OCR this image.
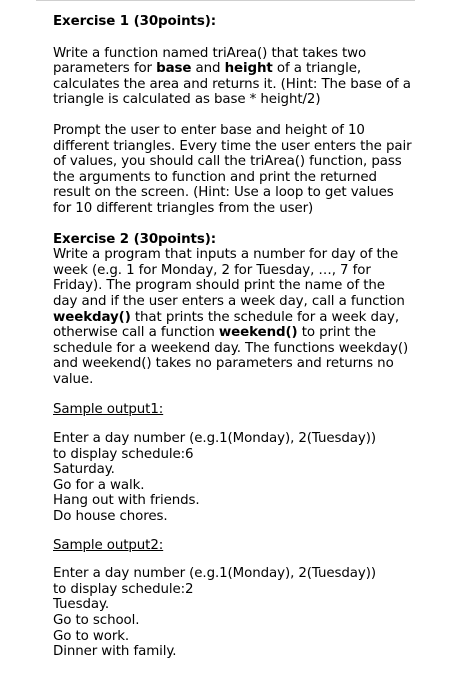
Exercise 1 (30points):

Write a function named triArea() that takes two parameters for base and height of a triangle, calculates the area and returns it. (Hint: The base of a triangle is calculated as base * height/2)

Prompt the user to enter base and height of 10 different triangles. Every time the user enters the pair of values, you should call the triArea() function, pass the arguments to function and print the returned result on the screen. (Hint: Use a loop to get values for 10 different triangles from the user)

Exercise 2 (30points):

Write a program that inputs a number for day of the week (e.g. 1 for Monday, 2 for Tuesday, …, 7 for Friday). The program should print the name of the day and if the user enters a week day, call a function weekday() that prints the schedule for a week day, otherwise call a function weekend() to print the schedule for a weekend day. The functions weekday() and weekend() takes no parameters and returns no value.

Sample output1:

Enter a day number (e.g.1(Monday), 2(Tuesday))
to display schedule:6
Saturday.
Go for a walk.
Hang out with friends.
Do house chores.

Sample output2:

Enter a day number (e.g.1(Monday), 2(Tuesday))
to display schedule:2
Tuesday.
Go to school.
Go to work.
Dinner with family.
